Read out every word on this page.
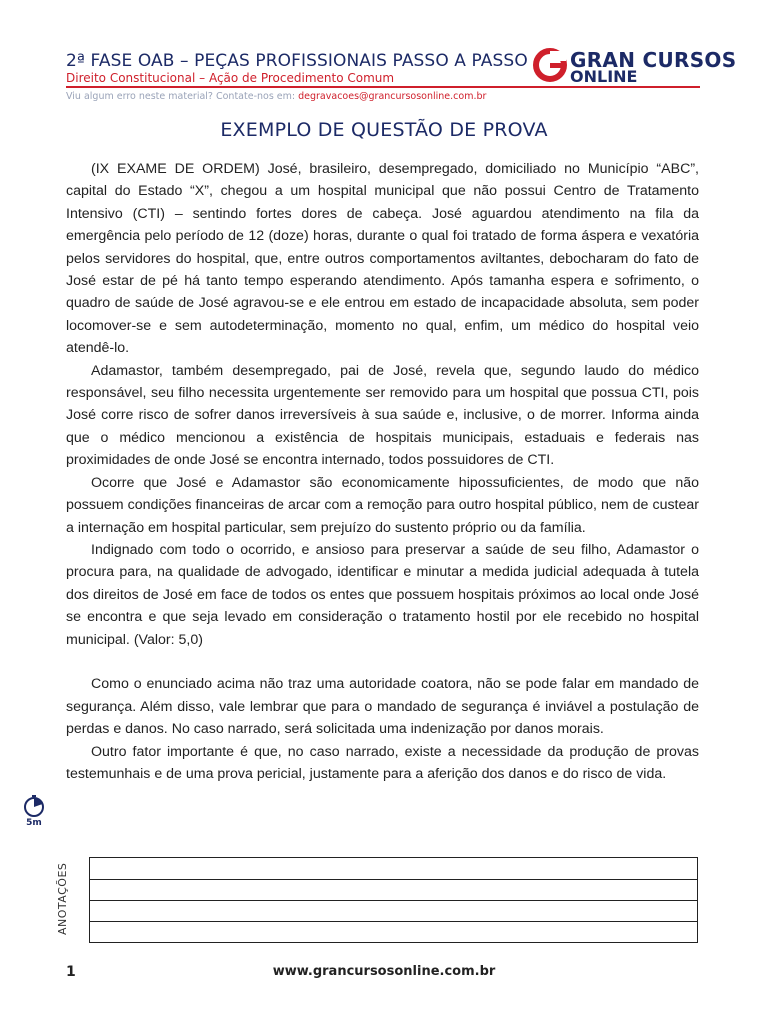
2ª FASE OAB – PEÇAS PROFISSIONAIS PASSO A PASSO
Direito Constitucional – Ação de Procedimento Comum
Viu algum erro neste material? Contate-nos em: degravacoes@grancursosonline.com.br
GRAN CURSOS
ONLINE
EXEMPLO DE QUESTÃO DE PROVA

(IX EXAME DE ORDEM) José, brasileiro, desempregado, domiciliado no Município “ABC”, capital do Estado “X”, chegou a um hospital municipal que não possui Centro de Tratamento Intensivo (CTI) – sentindo fortes dores de cabeça. José aguardou atendimento na fila da emergência pelo período de 12 (doze) horas, durante o qual foi tratado de forma áspera e vexatória pelos servidores do hospital, que, entre outros comportamentos aviltantes, debocharam do fato de José estar de pé há tanto tempo esperando atendimento. Após tamanha espera e sofrimento, o quadro de saúde de José agravou-se e ele entrou em estado de incapacidade absoluta, sem poder locomover-se e sem autodeterminação, momento no qual, enfim, um médico do hospital veio atendê-lo.

Adamastor, também desempregado, pai de José, revela que, segundo laudo do médico responsável, seu filho necessita urgentemente ser removido para um hospital que possua CTI, pois José corre risco de sofrer danos irreversíveis à sua saúde e, inclusive, o de morrer. Informa ainda que o médico mencionou a existência de hospitais municipais, estaduais e federais nas proximidades de onde José se encontra internado, todos possuidores de CTI.

Ocorre que José e Adamastor são economicamente hipossuficientes, de modo que não possuem condições financeiras de arcar com a remoção para outro hospital público, nem de custear a internação em hospital particular, sem prejuízo do sustento próprio ou da família.

Indignado com todo o ocorrido, e ansioso para preservar a saúde de seu filho, Adamastor o procura para, na qualidade de advogado, identificar e minutar a medida judicial adequada à tutela dos direitos de José em face de todos os entes que possuem hospitais próximos ao local onde José se encontra e que seja levado em consideração o tratamento hostil por ele recebido no hospital municipal. (Valor: 5,0)

Como o enunciado acima não traz uma autoridade coatora, não se pode falar em mandado de segurança. Além disso, vale lembrar que para o mandado de segurança é inviável a postulação de perdas e danos. No caso narrado, será solicitada uma indenização por danos morais.

Outro fator importante é que, no caso narrado, existe a necessidade da produção de provas testemunhais e de uma prova pericial, justamente para a aferição dos danos e do risco de vida.

5m
ANOTAÇÕES
1	www.grancursosonline.com.br
